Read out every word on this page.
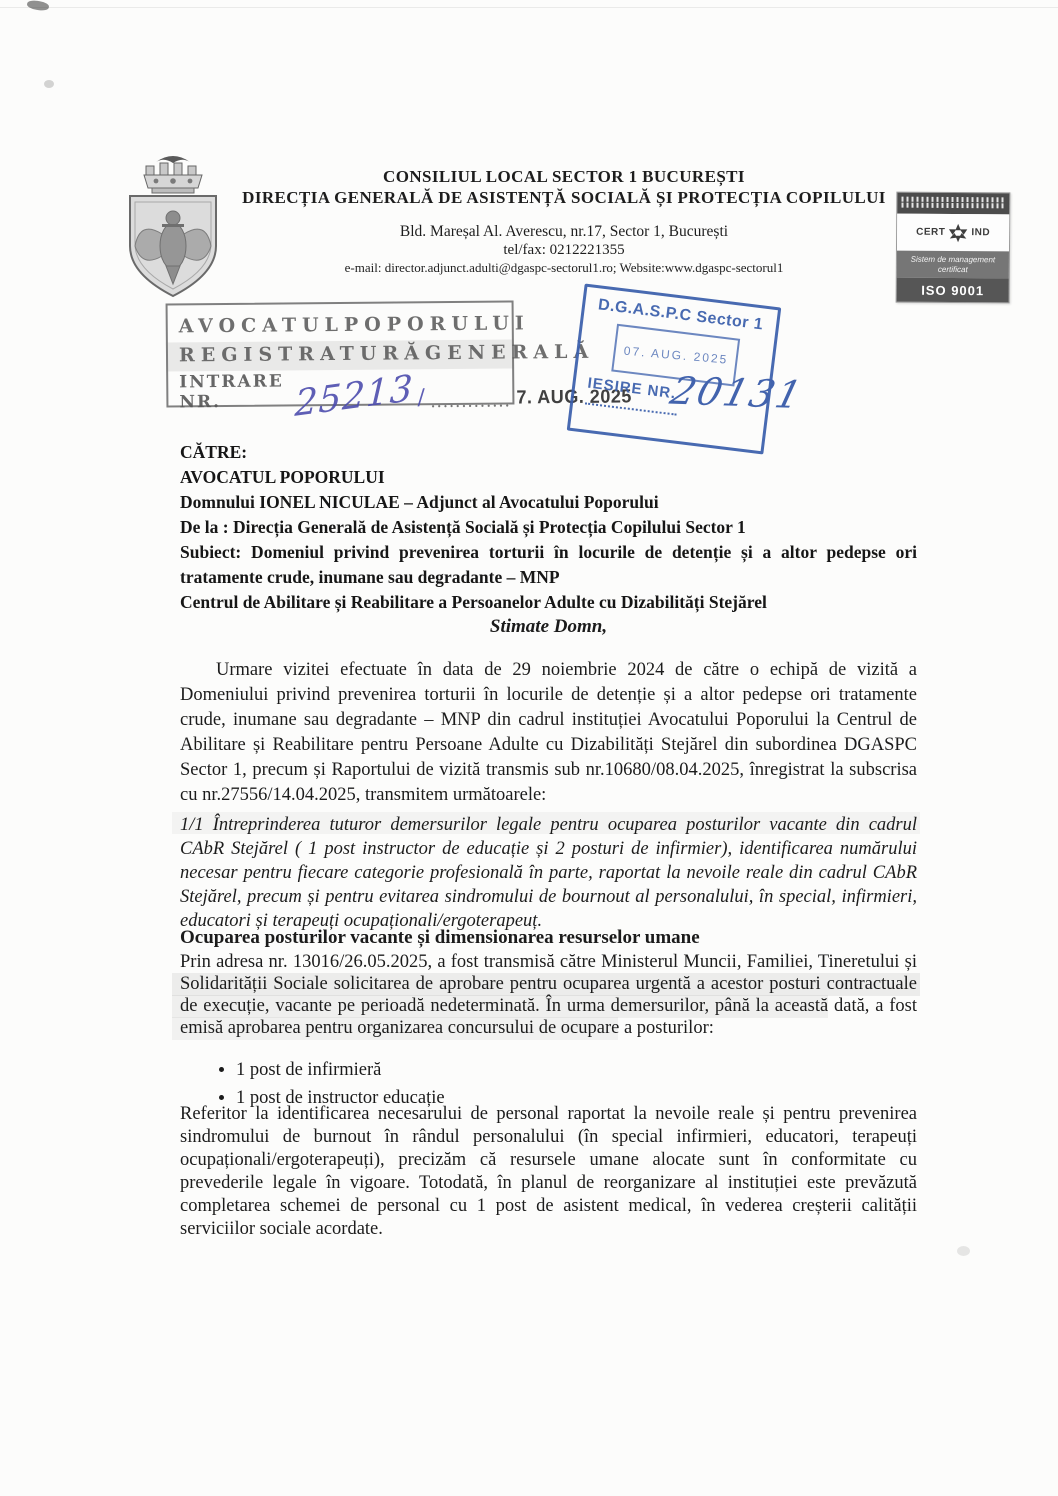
CONSILIUL LOCAL SECTOR 1 BUCUREȘTI
DIRECȚIA GENERALĂ DE ASISTENȚĂ SOCIALĂ ȘI PROTECȚIA COPILULUI
Bld. Mareșal Al. Averescu, nr.17, Sector 1, București
tel/fax: 0212221355
e-mail: director.adjunct.adulti@dgaspc-sectorul1.ro; Website:www.dgaspc-sectorul1
CERT	IND
Sistem de management
certificat
ISO 9001
AVOCATUL POPORULUI
REGISTRATURĂ GENERALĂ
INTRARE NR.	25213 / ............. 7. AUG. 2025
D.G.A.S.P.C Sector 1
07. AUG. 2025
IESIRE NR.
20131
CĂTRE:
AVOCATUL POPORULUI
Domnului IONEL NICULAE – Adjunct al Avocatului Poporului
De la : Direcția Generală de Asistență Socială și Protecția Copilului Sector 1
Subiect: Domeniul privind prevenirea torturii în locurile de detenție și a altor pedepse ori tratamente crude, inumane sau degradante – MNP
Centrul de Abilitare și Reabilitare a Persoanelor Adulte cu Dizabilități Stejărel
Stimate Domn,

Urmare vizitei efectuate în data de 29 noiembrie 2024 de către o echipă de vizită a Domeniului privind prevenirea torturii în locurile de detenție și a altor pedepse ori tratamente crude, inumane sau degradante – MNP din cadrul instituției Avocatului Poporului la Centrul de Abilitare și Reabilitare pentru Persoane Adulte cu Dizabilități Stejărel din subordinea DGASPC Sector 1, precum și Raportului de vizită transmis sub nr.10680/08.04.2025, înregistrat la subscrisa cu nr.27556/14.04.2025, transmitem următoarele:

1/1 Întreprinderea tuturor demersurilor legale pentru ocuparea posturilor vacante din cadrul CAbR Stejărel ( 1 post instructor de educație și 2 posturi de infirmier), identificarea numărului necesar pentru fiecare categorie profesională în parte, raportat la nevoile reale din cadrul CAbR Stejărel, precum și pentru evitarea sindromului de bournout al personalului, în special, infirmieri, educatori și terapeuți ocupaționali/ergoterapeuț.

Ocuparea posturilor vacante și dimensionarea resurselor umane

Prin adresa nr. 13016/26.05.2025, a fost transmisă către Ministerul Muncii, Familiei, Tineretului și Solidarității Sociale solicitarea de aprobare pentru ocuparea urgentă a acestor posturi contractuale de execuție, vacante pe perioadă nedeterminată. În urma demersurilor, până la această dată, a fost emisă aprobarea pentru organizarea concursului de ocupare a posturilor:

• 1 post de infirmieră
• 1 post de instructor educație

Referitor la identificarea necesarului de personal raportat la nevoile reale și pentru prevenirea sindromului de burnout în rândul personalului (în special infirmieri, educatori, terapeuți ocupaționali/ergoterapeuți), precizăm că resursele umane alocate sunt în conformitate cu prevederile legale în vigoare. Totodată, în planul de reorganizare al instituției este prevăzută completarea schemei de personal cu 1 post de asistent medical, în vederea creșterii calității serviciilor sociale acordate.
